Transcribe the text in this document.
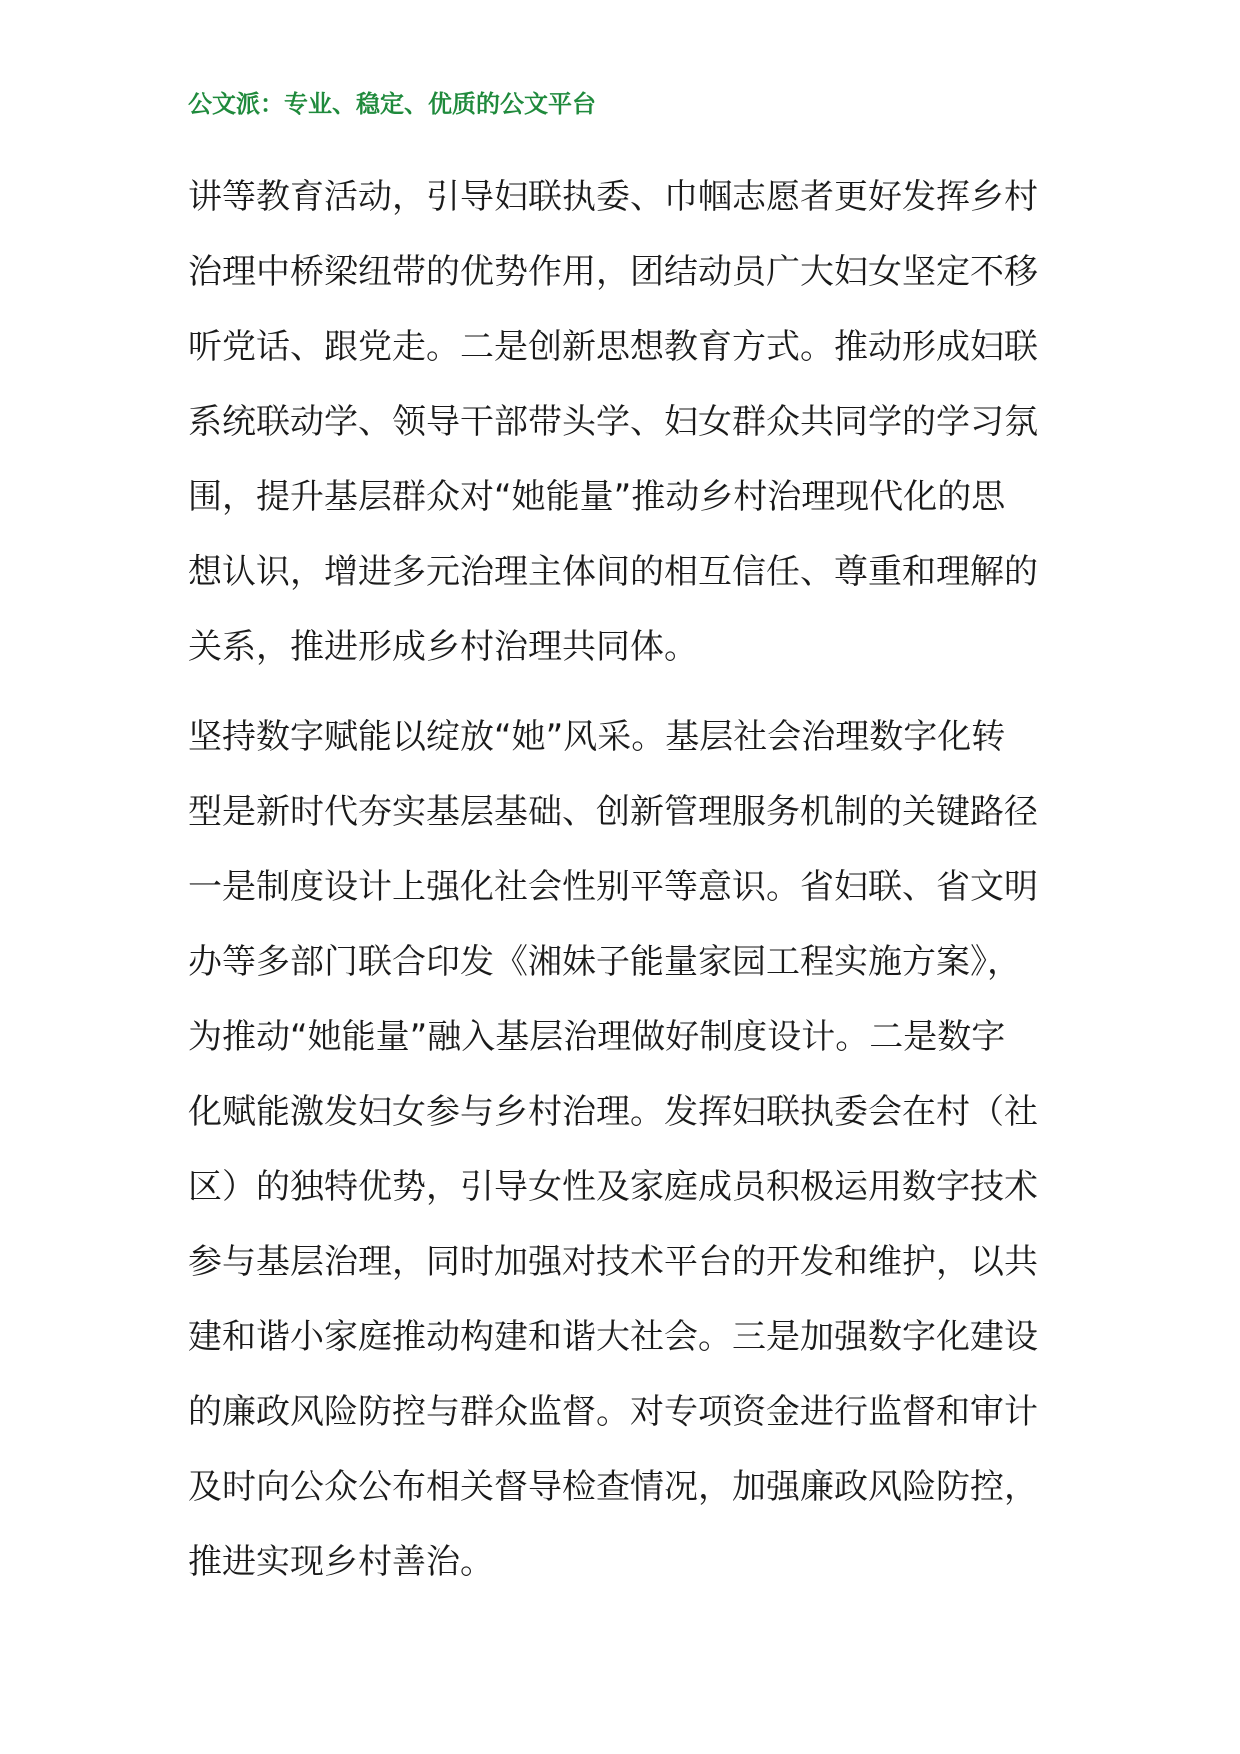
公文派：专业、稳定、优质的公文平台
讲等教育活动，引导妇联执委、巾帼志愿者更好发挥乡村
治理中桥梁纽带的优势作用，团结动员广大妇女坚定不移
听党话、跟党走。二是创新思想教育方式。推动形成妇联
系统联动学、领导干部带头学、妇女群众共同学的学习氛
围，提升基层群众对“她能量”推动乡村治理现代化的思
想认识，增进多元治理主体间的相互信任、尊重和理解的
关系，推进形成乡村治理共同体。
坚持数字赋能以绽放“她”风采。基层社会治理数字化转
型是新时代夯实基层基础、创新管理服务机制的关键路径
一是制度设计上强化社会性别平等意识。省妇联、省文明
办等多部门联合印发《湘妹子能量家园工程实施方案》，
为推动“她能量”融入基层治理做好制度设计。二是数字
化赋能激发妇女参与乡村治理。发挥妇联执委会在村（社
区）的独特优势，引导女性及家庭成员积极运用数字技术
参与基层治理，同时加强对技术平台的开发和维护，以共
建和谐小家庭推动构建和谐大社会。三是加强数字化建设
的廉政风险防控与群众监督。对专项资金进行监督和审计
及时向公众公布相关督导检查情况，加强廉政风险防控，
推进实现乡村善治。
